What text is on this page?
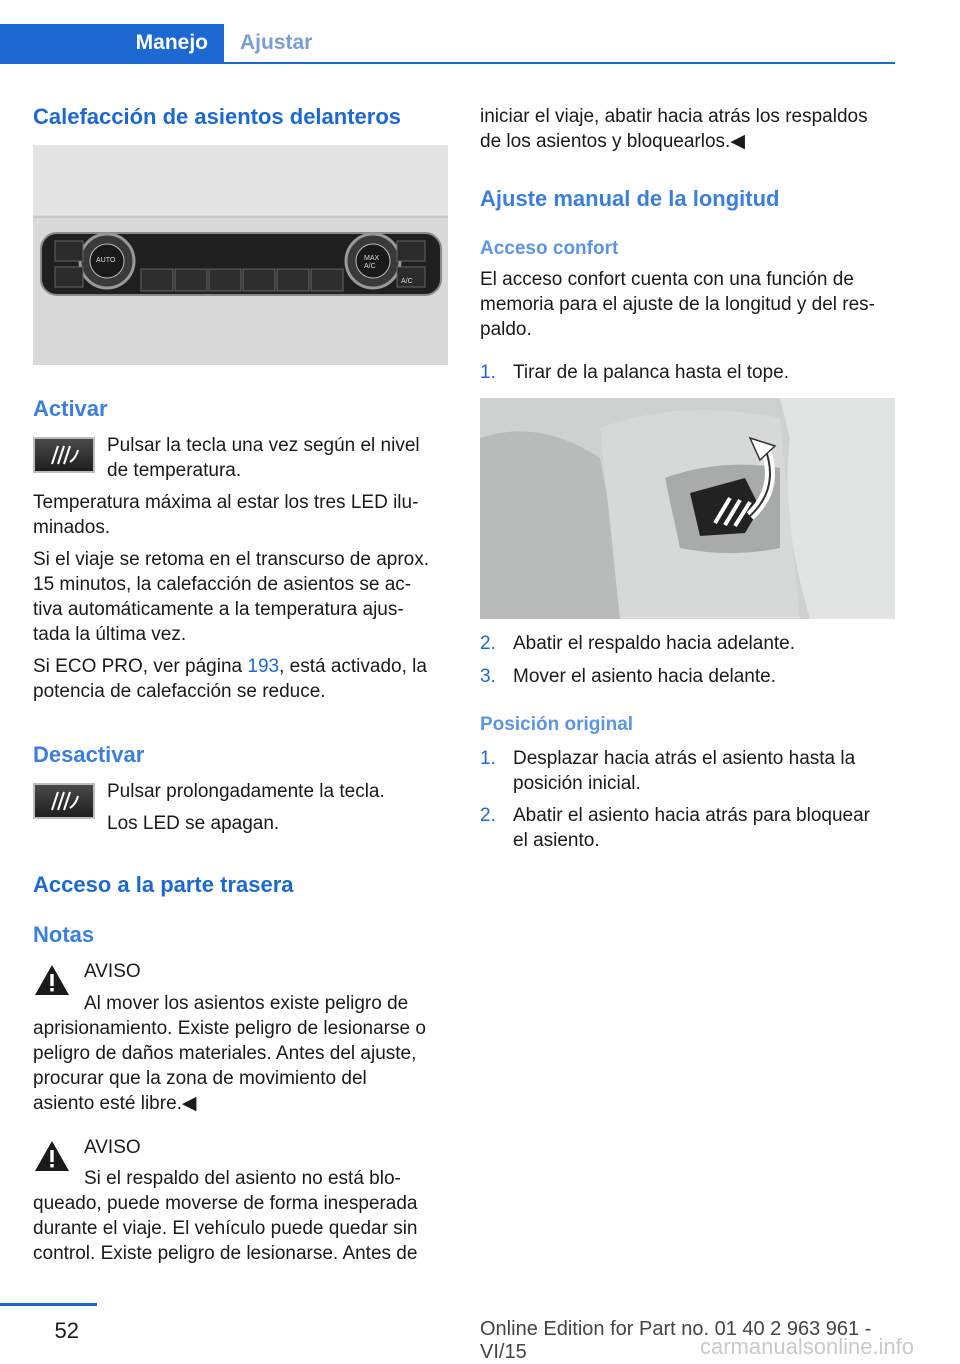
Manejo	Ajustar
Calefacción de asientos delanteros
AUTO	MAX
A/C
A/C
Activar
Pulsar la tecla una vez según el nivel
de temperatura.
Temperatura máxima al estar los tres LED ilu‐
minados.
Si el viaje se retoma en el transcurso de aprox.
15 minutos, la calefacción de asientos se ac‐
tiva automáticamente a la temperatura ajus‐
tada la última vez.
Si ECO PRO, ver página 193, está activado, la
potencia de calefacción se reduce.
Desactivar
Pulsar prolongadamente la tecla.
Los LED se apagan.
Acceso a la parte trasera
Notas
AVISO
Al mover los asientos existe peligro de
aprisionamiento. Existe peligro de lesionarse o
peligro de daños materiales. Antes del ajuste,
procurar que la zona de movimiento del
asiento esté libre.◀
AVISO
Si el respaldo del asiento no está blo‐
queado, puede moverse de forma inesperada
durante el viaje. El vehículo puede quedar sin
control. Existe peligro de lesionarse. Antes de
iniciar el viaje, abatir hacia atrás los respaldos
de los asientos y bloquearlos.◀
Ajuste manual de la longitud
Acceso confort
El acceso confort cuenta con una función de
memoria para el ajuste de la longitud y del res‐
paldo.
1. Tirar de la palanca hasta el tope.
2. Abatir el respaldo hacia adelante.
3. Mover el asiento hacia delante.
Posición original
1. Desplazar hacia atrás el asiento hasta la
posición inicial.
2. Abatir el asiento hacia atrás para bloquear
el asiento.
52	Online Edition for Part no. 01 40 2 963 961 - VI/15	carmanualsonline.info
